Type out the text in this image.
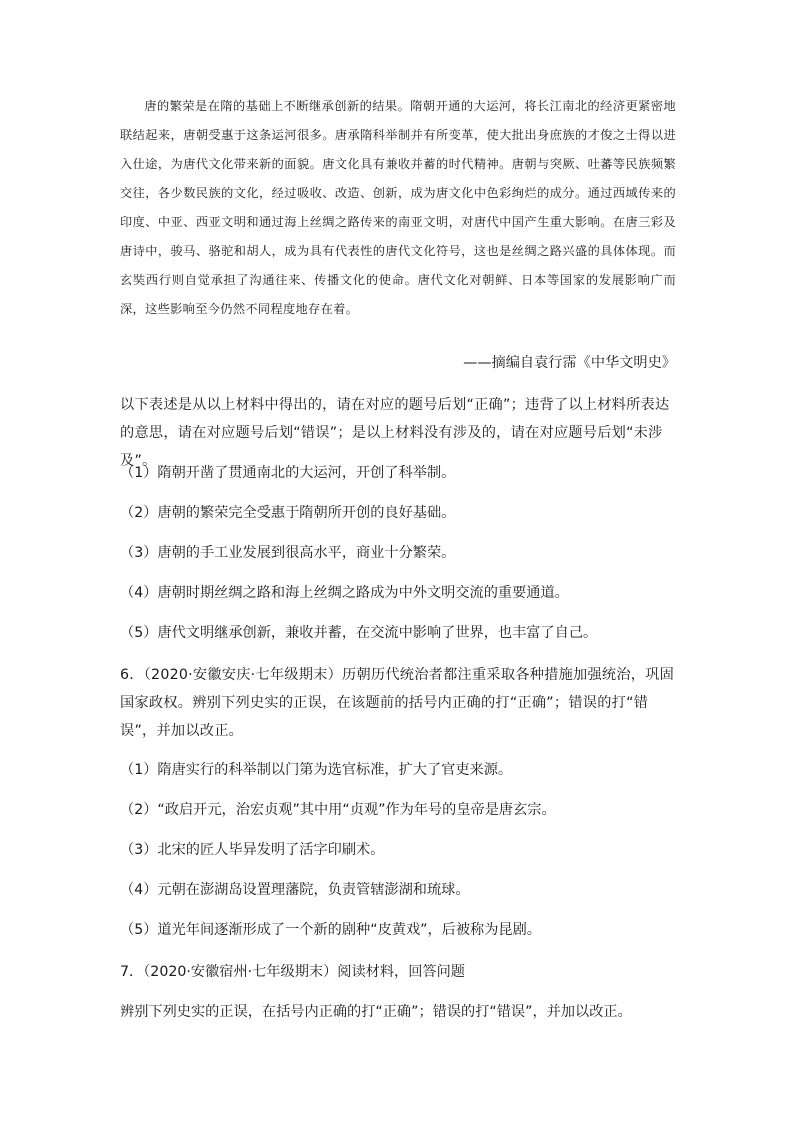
唐的繁荣是在隋的基础上不断继承创新的结果。隋朝开通的大运河，将长江南北的经济更紧密地联结起来，唐朝受惠于这条运河很多。唐承隋科举制并有所变革，使大批出身庶族的才俊之士得以进入仕途，为唐代文化带来新的面貌。唐文化具有兼收并蓄的时代精神。唐朝与突厥、吐蕃等民族频繁交往，各少数民族的文化，经过吸收、改造、创新，成为唐文化中色彩绚烂的成分。通过西域传来的印度、中亚、西亚文明和通过海上丝绸之路传来的南亚文明，对唐代中国产生重大影响。在唐三彩及唐诗中，骏马、骆驼和胡人，成为具有代表性的唐代文化符号，这也是丝绸之路兴盛的具体体现。而玄奘西行则自觉承担了沟通往来、传播文化的使命。唐代文化对朝鲜、日本等国家的发展影响广而深，这些影响至今仍然不同程度地存在着。

——摘编自袁行霈《中华文明史》
以下表述是从以上材料中得出的，请在对应的题号后划“正确”；违背了以上材料所表达的意思，请在对应题号后划“错误”；是以上材料没有涉及的，请在对应题号后划“未涉及”。
（1）隋朝开凿了贯通南北的大运河，开创了科举制。
（2）唐朝的繁荣完全受惠于隋朝所开创的良好基础。
（3）唐朝的手工业发展到很高水平，商业十分繁荣。
（4）唐朝时期丝绸之路和海上丝绸之路成为中外文明交流的重要通道。
（5）唐代文明继承创新，兼收并蓄，在交流中影响了世界，也丰富了自己。
6．（2020·安徽安庆·七年级期末）历朝历代统治者都注重采取各种措施加强统治，巩固国家政权。辨别下列史实的正误，在该题前的括号内正确的打“正确”；错误的打“错误”，并加以改正。
（1）隋唐实行的科举制以门第为选官标准，扩大了官吏来源。
（2）“政启开元，治宏贞观”其中用“贞观”作为年号的皇帝是唐玄宗。
（3）北宋的匠人毕异发明了活字印刷术。
（4）元朝在澎湖岛设置理藩院，负责管辖澎湖和琉球。
（5）道光年间逐渐形成了一个新的剧种“皮黄戏”，后被称为昆剧。
7．（2020·安徽宿州·七年级期末）阅读材料，回答问题
辨别下列史实的正误，在括号内正确的打“正确”；错误的打“错误”，并加以改正。
